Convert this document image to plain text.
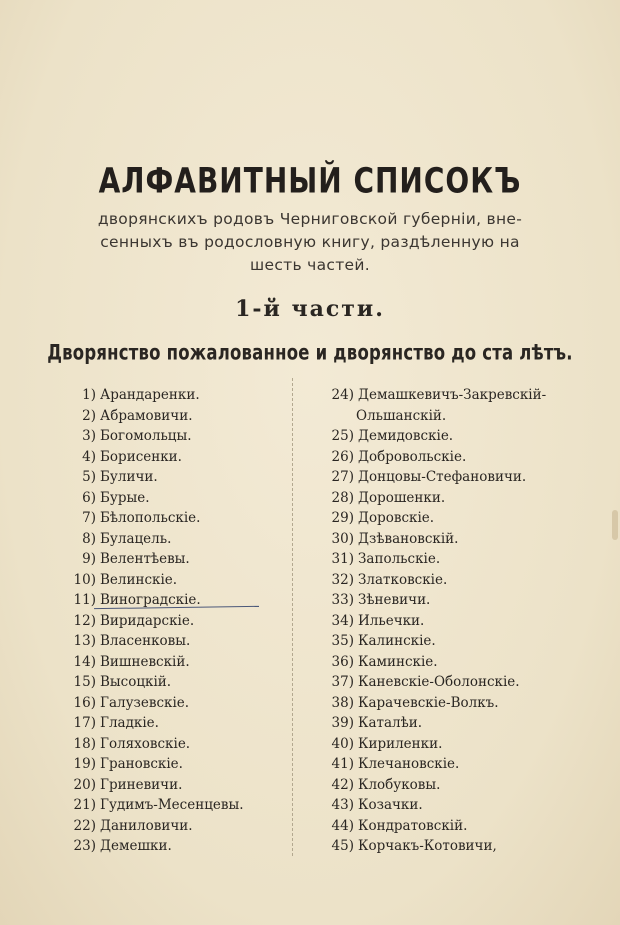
АЛФАВИТНЫЙ СПИСОКЪ
дворянскихъ родовъ Черниговской губерніи, вне-
сенныхъ въ родословную книгу, раздѣленную на
шесть частей.
1-й части.
Дворянство пожалованное и дворянство до ста лѣтъ.
1) Арандаренки.
2) Абрамовичи.
3) Богомольцы.
4) Борисенки.
5) Буличи.
6) Бурые.
7) Бѣлопольскіе.
8) Булацель.
9) Велентѣевы.
10) Велинскіе.
11) Виноградскіе.
12) Виридарскіе.
13) Власенковы.
14) Вишневскій.
15) Высоцкій.
16) Галузевскіе.
17) Гладкіе.
18) Голяховскіе.
19) Грановскіе.
20) Гриневичи.
21) Гудимъ-Месенцевы.
22) Даниловичи.
23) Демешки.
24) Демашкевичъ-Закревскій-
Ольшанскій.
25) Демидовскіе.
26) Добровольскіе.
27) Донцовы-Стефановичи.
28) Дорошенки.
29) Доровскіе.
30) Дзѣвановскій.
31) Запольскіе.
32) Златковскіе.
33) Зѣневичи.
34) Ильечки.
35) Калинскіе.
36) Каминскіе.
37) Каневскіе-Оболонскіе.
38) Карачевскіе-Волкъ.
39) Каталѣи.
40) Кириленки.
41) Клечановскіе.
42) Клобуковы.
43) Козачки.
44) Кондратовскій.
45) Корчакъ-Котовичи,
